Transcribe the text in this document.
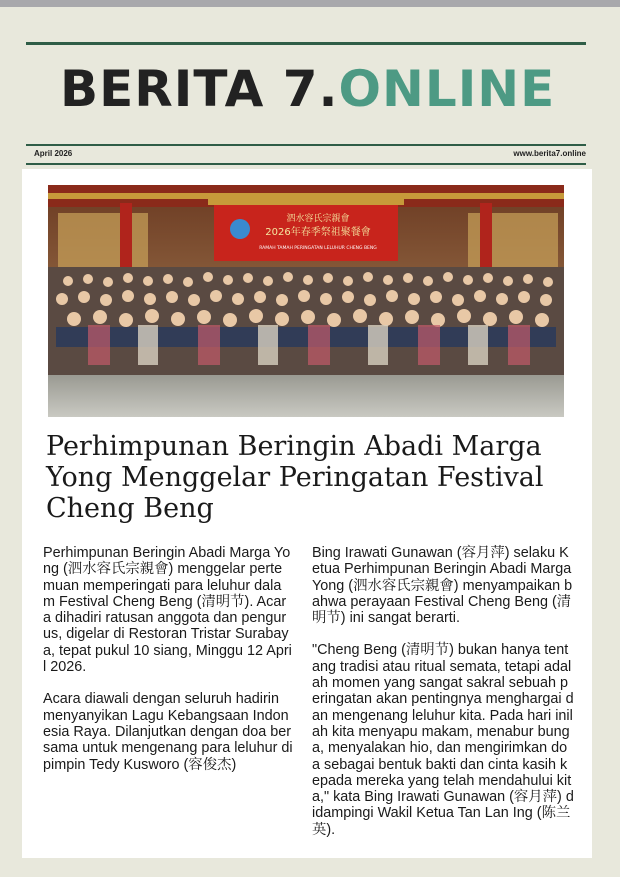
BERITA 7.ONLINE
April 2026	www.berita7.online
泗水容氏宗親會
2026年春季祭祖聚餐會
RAMAH TAMAH PERINGATAN LELUHUR CHENG BENG
Perhimpunan Beringin Abadi Marga Yong Menggelar Peringatan Festival Cheng Beng

Perhimpunan Beringin Abadi Marga Yong (泗水容氏宗親會) menggelar pertemuan memperingati para leluhur dalam Festival Cheng Beng (清明节). Acara dihadiri ratusan anggota dan pengurus, digelar di Restoran Tristar Surabaya, tepat pukul 10 siang, Minggu 12 April 2026.

Acara diawali dengan seluruh hadirin menyanyikan Lagu Kebangsaan Indonesia Raya. Dilanjutkan dengan doa bersama untuk mengenang para leluhur dipimpin Tedy Kusworo (容俊杰)

Bing Irawati Gunawan (容月萍) selaku Ketua Perhimpunan Beringin Abadi Marga Yong (泗水容氏宗親會) menyampaikan bahwa perayaan Festival Cheng Beng (清明节) ini sangat berarti.

"Cheng Beng (清明节) bukan hanya tentang tradisi atau ritual semata, tetapi adalah momen yang sangat sakral sebuah peringatan akan pentingnya menghargai dan mengenang leluhur kita. Pada hari inilah kita menyapu makam, menabur bunga, menyalakan hio, dan mengirimkan doa sebagai bentuk bakti dan cinta kasih kepada mereka yang telah mendahului kita," kata Bing Irawati Gunawan (容月萍) didampingi Wakil Ketua Tan Lan Ing (陈兰英).
